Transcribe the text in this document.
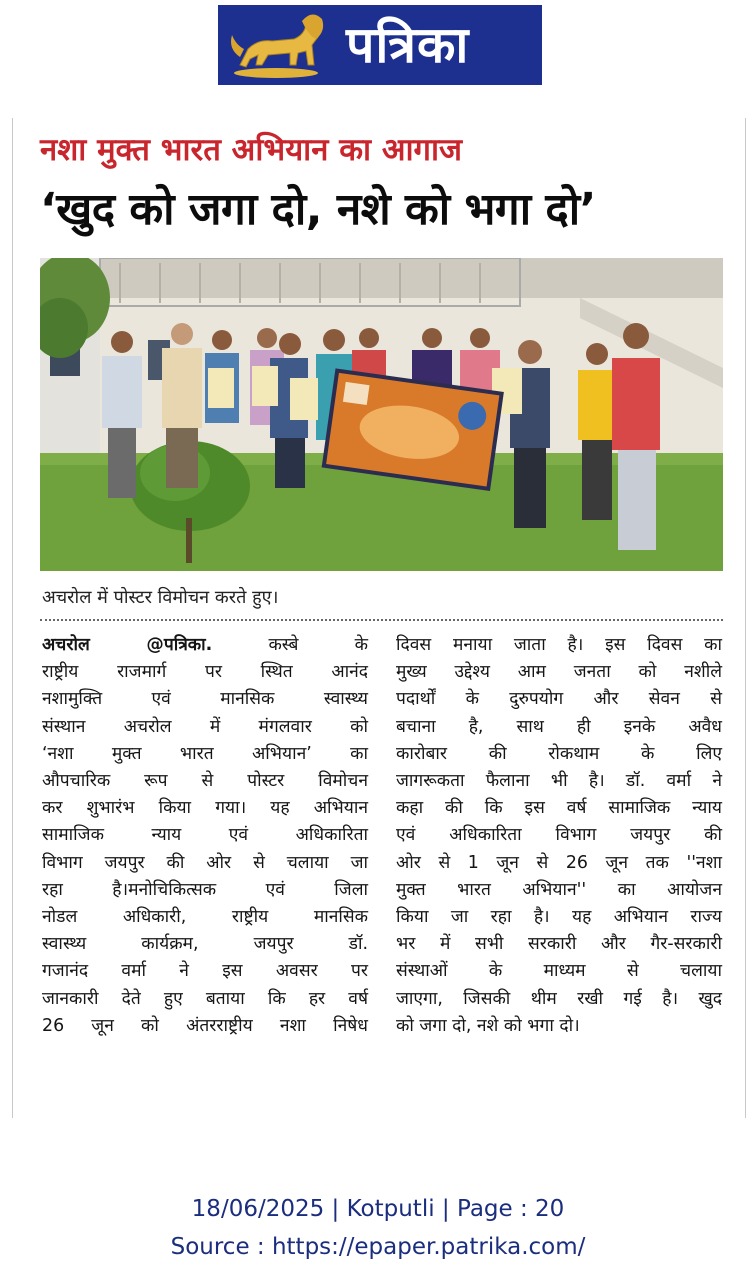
पत्रिका
नशा मुक्त भारत अभियान का आगाज
‘खुद को जगा दो, नशे को भगा दो’
अचरोल में पोस्टर विमोचन करते हुए।
अचरोल @पत्रिका.	कस्बे के
राष्ट्रीय राजमार्ग पर स्थित आनंद
नशामुक्ति एवं मानसिक स्वास्थ्य
संस्थान अचरोल में मंगलवार को
‘नशा मुक्त भारत अभियान’ का
औपचारिक रूप से पोस्टर विमोचन
कर शुभारंभ किया गया। यह अभियान
सामाजिक न्याय एवं अधिकारिता
विभाग जयपुर की ओर से चलाया जा
रहा है।मनोचिकित्सक एवं जिला
नोडल अधिकारी, राष्ट्रीय मानसिक
स्वास्थ्य कार्यक्रम, जयपुर डॉ.
गजानंद वर्मा ने इस अवसर पर
जानकारी देते हुए बताया कि हर वर्ष
26 जून को अंतरराष्ट्रीय नशा निषेध
दिवस मनाया जाता है। इस दिवस का
मुख्य उद्देश्य आम जनता को नशीले
पदार्थों के दुरुपयोग और सेवन से
बचाना है, साथ ही इनके अवैध
कारोबार की रोकथाम के लिए
जागरूकता फैलाना भी है। डॉ. वर्मा ने
कहा की कि इस वर्ष सामाजिक न्याय
एवं अधिकारिता विभाग जयपुर की
ओर से 1 जून से 26 जून तक ''नशा
मुक्त भारत अभियान'' का आयोजन
किया जा रहा है। यह अभियान राज्य
भर में सभी सरकारी और गैर-सरकारी
संस्थाओं के माध्यम से चलाया
जाएगा, जिसकी थीम रखी गई है। खुद
को जगा दो, नशे को भगा दो।
18/06/2025 | Kotputli | Page : 20
Source : https://epaper.patrika.com/
